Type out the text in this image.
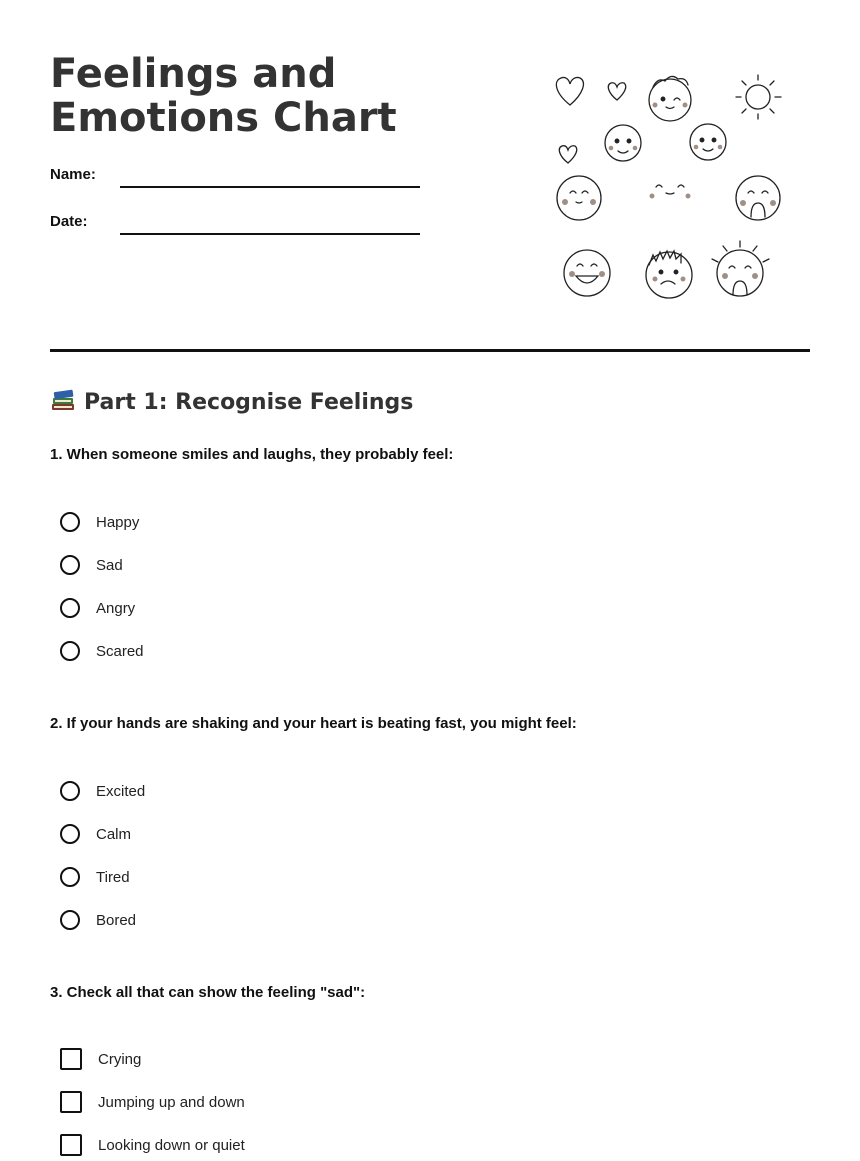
Feelings and Emotions Chart
Name:
Date:
Part 1: Recognise Feelings

1. When someone smiles and laughs, they probably feel:

Happy
Sad
Angry
Scared

2. If your hands are shaking and your heart is beating fast, you might feel:

Excited
Calm
Tired
Bored

3. Check all that can show the feeling "sad":

Crying
Jumping up and down
Looking down or quiet
